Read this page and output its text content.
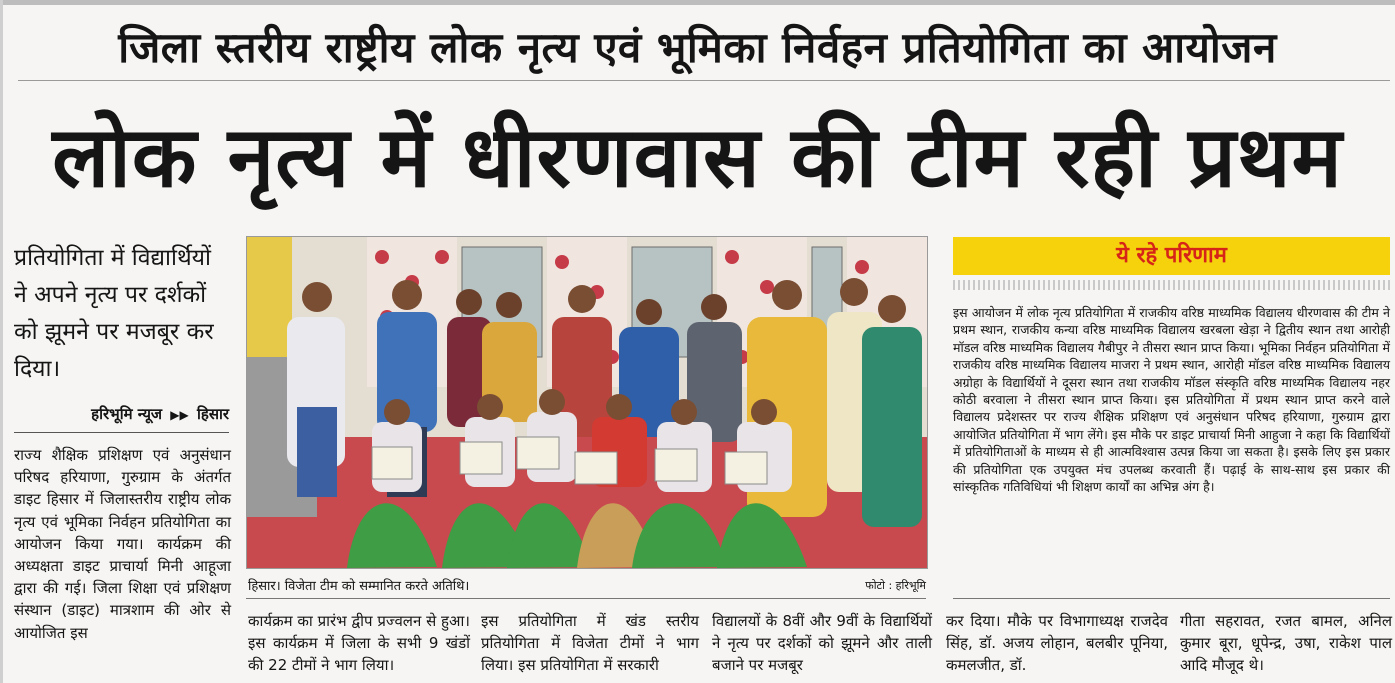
जिला स्तरीय राष्ट्रीय लोक नृत्य एवं भूमिका निर्वहन प्रतियोगिता का आयोजन
लोक नृत्य में धीरणवास की टीम रही प्रथम
प्रतियोगिता में विद्यार्थियों ने अपने नृत्य पर दर्शकों को झूमने पर मजबूर कर दिया।
हरिभूमि न्यूज ▶▶ हिसार
राज्य शैक्षिक प्रशिक्षण एवं अनुसंधान परिषद हरियाणा, गुरुग्राम के अंतर्गत डाइट हिसार में जिलास्तरीय राष्ट्रीय लोक नृत्य एवं भूमिका निर्वहन प्रतियोगिता का आयोजन किया गया। कार्यक्रम की अध्यक्षता डाइट प्राचार्या मिनी आहूजा द्वारा की गई। जिला शिक्षा एवं प्रशिक्षण संस्थान (डाइट) मात्रशाम की ओर से आयोजित इस
हिसार। विजेता टीम को सम्मानित करते अतिथि।	फोटो : हरिभूमि
कार्यक्रम का प्रारंभ द्वीप प्रज्वलन से हुआ। इस कार्यक्रम में जिला के सभी 9 खंडों की 22 टीमों ने भाग लिया।
इस प्रतियोगिता में खंड स्तरीय प्रतियोगिता में विजेता टीमों ने भाग लिया। इस प्रतियोगिता में सरकारी
विद्यालयों के 8वीं और 9वीं के विद्यार्थियों ने नृत्य पर दर्शकों को झूमने और ताली बजाने पर मजबूर
ये रहे परिणाम
इस आयोजन में लोक नृत्य प्रतियोगिता में राजकीय वरिष्ठ माध्यमिक विद्यालय धीरणवास की टीम ने प्रथम स्थान, राजकीय कन्या वरिष्ठ माध्यमिक विद्यालय खरबला खेड़ा ने द्वितीय स्थान तथा आरोही मॉडल वरिष्ठ माध्यमिक विद्यालय गैबीपुर ने तीसरा स्थान प्राप्त किया। भूमिका निर्वहन प्रतियोगिता में राजकीय वरिष्ठ माध्यमिक विद्यालय माजरा ने प्रथम स्थान, आरोही मॉडल वरिष्ठ माध्यमिक विद्यालय अग्रोहा के विद्यार्थियों ने दूसरा स्थान तथा राजकीय मॉडल संस्कृति वरिष्ठ माध्यमिक विद्यालय नहर कोठी बरवाला ने तीसरा स्थान प्राप्त किया। इस प्रतियोगिता में प्रथम स्थान प्राप्त करने वाले विद्यालय प्रदेशस्तर पर राज्य शैक्षिक प्रशिक्षण एवं अनुसंधान परिषद हरियाणा, गुरुग्राम द्वारा आयोजित प्रतियोगिता में भाग लेंगे। इस मौके पर डाइट प्राचार्या मिनी आहुजा ने कहा कि विद्यार्थियों में प्रतियोगिताओं के माध्यम से ही आत्मविश्वास उत्पन्न किया जा सकता है। इसके लिए इस प्रकार की प्रतियोगिता एक उपयुक्त मंच उपलब्ध करवाती हैं। पढ़ाई के साथ-साथ इस प्रकार की सांस्कृतिक गतिविधियां भी शिक्षण कार्यों का अभिन्न अंग है।
कर दिया। मौके पर विभागाध्यक्ष राजदेव सिंह, डॉ. अजय लोहान, बलबीर पूनिया, कमलजीत, डॉ.
गीता सहरावत, रजत बामल, अनिल कुमार बूरा, धूपेन्द्र, उषा, राकेश पाल आदि मौजूद थे।
